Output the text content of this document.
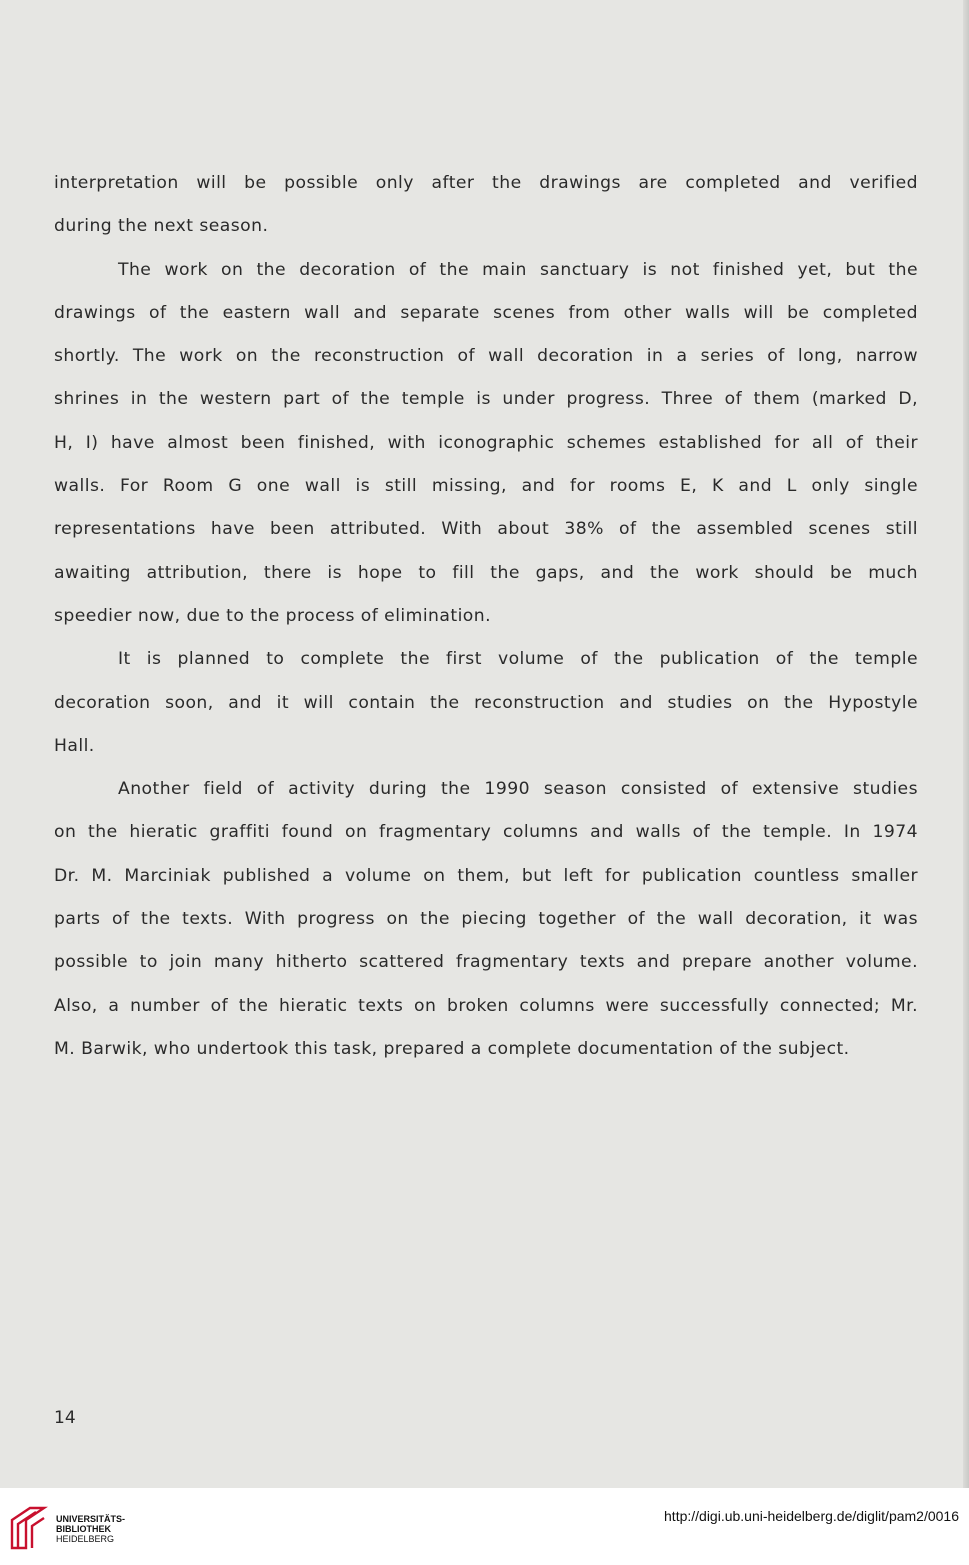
interpretation will be possible only after the drawings are completed and verified
during the next season.
The work on the decoration of the main sanctuary is not finished yet, but the
drawings of the eastern wall and separate scenes from other walls will be completed
shortly. The work on the reconstruction of wall decoration in a series of long, narrow
shrines in the western part of the temple is under progress. Three of them (marked D,
H, I) have almost been finished, with iconographic schemes established for all of their
walls. For Room G one wall is still missing, and for rooms E, K and L only single
representations have been attributed. With about 38% of the assembled scenes still
awaiting attribution, there is hope to fill the gaps, and the work should be much
speedier now, due to the process of elimination.
It is planned to complete the first volume of the publication of the temple
decoration soon, and it will contain the reconstruction and studies on the Hypostyle
Hall.
Another field of activity during the 1990 season consisted of extensive studies
on the hieratic graffiti found on fragmentary columns and walls of the temple. In 1974
Dr. M. Marciniak published a volume on them, but left for publication countless smaller
parts of the texts. With progress on the piecing together of the wall decoration, it was
possible to join many hitherto scattered fragmentary texts and prepare another volume.
Also, a number of the hieratic texts on broken columns were successfully connected; Mr.
M. Barwik, who undertook this task, prepared a complete documentation of the subject.
14
UNIVERSITÄTS-
BIBLIOTHEK
HEIDELBERG
http://digi.ub.uni-heidelberg.de/diglit/pam2/0016
